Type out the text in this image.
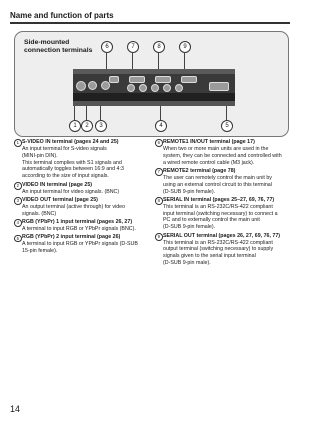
Name and function of parts
Side-mounted
connection terminals	6	7	8	9
1	2	3	4	5
1 S-VIDEO IN terminal (pages 24 and 25)
An input terminal for S-video signals
(MINI-pin DIN).
This terminal complies with S1 signals and
automatically toggles between 16:9 and 4:3
according to the size of input signals.
2 VIDEO IN terminal (page 25)
An input terminal for video signals. (BNC)
3 VIDEO OUT terminal (page 25)
An output terminal (active through) for video
signals. (BNC)
4 RGB (YPbPr) 1 input terminal (pages 26, 27)
A terminal to input RGB or YPbPr signals (BNC).
5 RGB (YPbPr) 2 input terminal (page 26)
A terminal to input RGB or YPbPr signals (D-SUB
15-pin female).
6 REMOTE1 IN/OUT terminal (page 17)
When two or more main units are used in the
system, they can be connected and controlled with
a wired remote control cable (M3 jack).
7 REMOTE2 terminal (page 78)
The user can remotely control the main unit by
using an external control circuit to this terminal
(D-SUB 9-pin female).
8 SERIAL IN terminal (pages 25–27, 69, 76, 77)
This terminal is an RS-232C/RS-422 compliant
input terminal (switching necessary) to connect a
PC and to externally control the main unit
(D-SUB 9-pin female).
9 SERIAL OUT terminal (pages 26, 27, 69, 76, 77)
This terminal is an RS-232C/RS-422 compliant
output terminal (switching necessary) to supply
signals given to the serial input terminal
(D-SUB 9-pin male).
14
